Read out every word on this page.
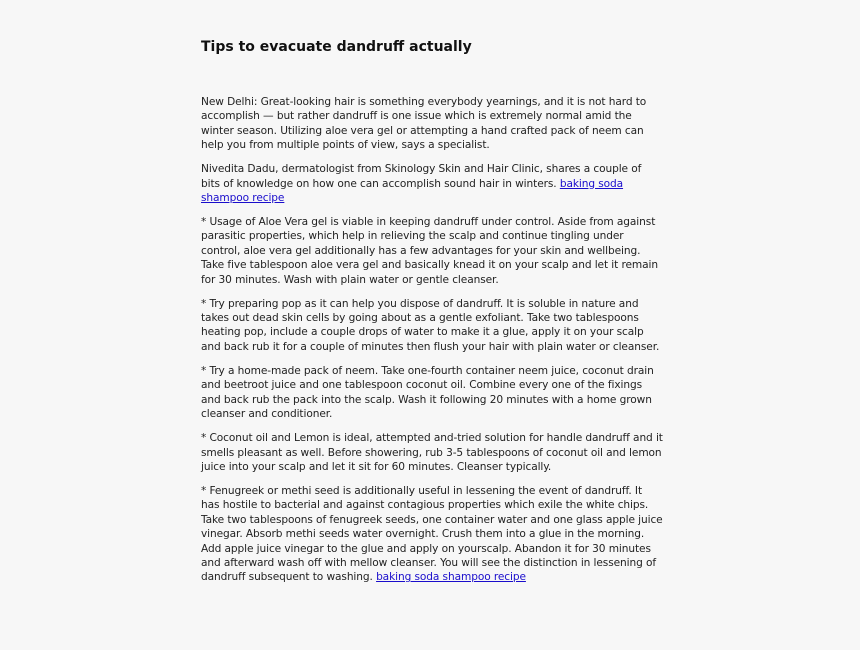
Tips to evacuate dandruff actually

New Delhi: Great-looking hair is something everybody yearnings, and it is not hard to accomplish — but rather dandruff is one issue which is extremely normal amid the winter season. Utilizing aloe vera gel or attempting a hand crafted pack of neem can help you from multiple points of view, says a specialist.

Nivedita Dadu, dermatologist from Skinology Skin and Hair Clinic, shares a couple of bits of knowledge on how one can accomplish sound hair in winters. baking soda shampoo recipe

* Usage of Aloe Vera gel is viable in keeping dandruff under control. Aside from against parasitic properties, which help in relieving the scalp and continue tingling under control, aloe vera gel additionally has a few advantages for your skin and wellbeing. Take five tablespoon aloe vera gel and basically knead it on your scalp and let it remain for 30 minutes. Wash with plain water or gentle cleanser.

* Try preparing pop as it can help you dispose of dandruff. It is soluble in nature and takes out dead skin cells by going about as a gentle exfoliant. Take two tablespoons heating pop, include a couple drops of water to make it a glue, apply it on your scalp and back rub it for a couple of minutes then flush your hair with plain water or cleanser.

* Try a home-made pack of neem. Take one-fourth container neem juice, coconut drain and beetroot juice and one tablespoon coconut oil. Combine every one of the fixings and back rub the pack into the scalp. Wash it following 20 minutes with a home grown cleanser and conditioner.

* Coconut oil and Lemon is ideal, attempted and-tried solution for handle dandruff and it smells pleasant as well. Before showering, rub 3-5 tablespoons of coconut oil and lemon juice into your scalp and let it sit for 60 minutes. Cleanser typically.

* Fenugreek or methi seed is additionally useful in lessening the event of dandruff. It has hostile to bacterial and against contagious properties which exile the white chips. Take two tablespoons of fenugreek seeds, one container water and one glass apple juice vinegar. Absorb methi seeds water overnight. Crush them into a glue in the morning. Add apple juice vinegar to the glue and apply on yourscalp. Abandon it for 30 minutes and afterward wash off with mellow cleanser. You will see the distinction in lessening of dandruff subsequent to washing. baking soda shampoo recipe
